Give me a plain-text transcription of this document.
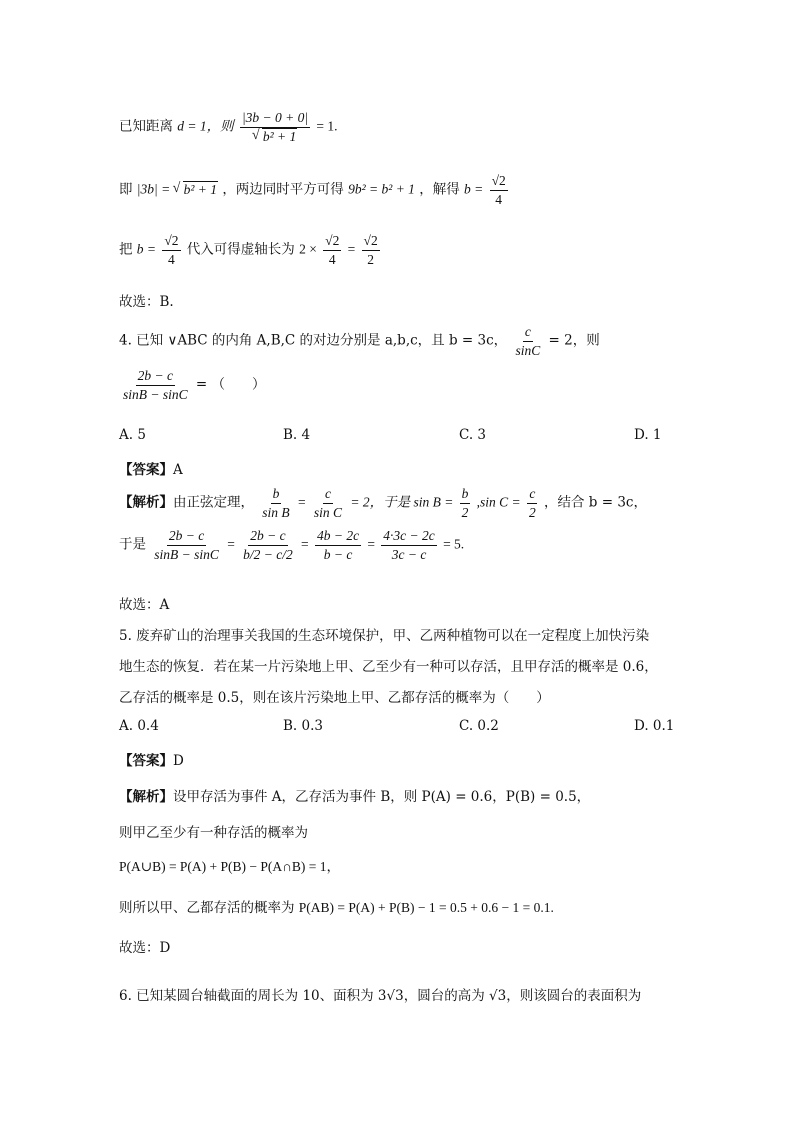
已知距离 d = 1，则 |3b − 0 + 0|
√ b² + 1 = 1.
即 |3b| = √ b² + 1 ，两边同时平方可得 9b² = b² + 1 ，解得 $b = \frac{√2}{4}$
把 $b = \frac{√2}{4}$ 代入可得虚轴长为 $2 \times \frac{√2}{4} = \frac{√2}{2}$
故选：B.
4. 已知 ∨ABC 的内角 A,B,C 的对边分别是 a,b,c，且 b = 3c， $\frac{c}{\sin C} = 2$，则
$\frac{2b - c}{\sin B - \sin C}$ = （　　）
A. 5	B. 4	C. 3	D. 1
【答案】A
【解析】由正弦定理， $\frac{b}{\text{sin B}} = \frac{c}{\text{sin C}} = 2$，于是 $\sin B = \frac{b}{2} ,\sin$ $C = \frac{c}{2}$ ，结合 b = 3c，
于是 $\frac{2b - c}{\sin B - \sin C} = \frac{2b - c}{b/2 - c/2} = \frac{4b - 2c}{b - c} = \frac{4\cdot 3c - 2c}{3c - c} = 5$.
故选：A
5. 废弃矿山的治理事关我国的生态环境保护，甲、乙两种植物可以在一定程度上加快污染
地生态的恢复．若在某一片污染地上甲、乙至少有一种可以存活，且甲存活的概率是 0.6，
乙存活的概率是 0.5，则在该片污染地上甲、乙都存活的概率为（　　）
A. 0.4	B. 0.3	C. 0.2	D. 0.1
【答案】D
【解析】设甲存活为事件 A，乙存活为事件 B，则 P(A) = 0.6，P(B) = 0.5，
则甲乙至少有一种存活的概率为
P(A∪B) = P(A) + P(B) − P(A∩B) = 1，
则所以甲、乙都存活的概率为 P(AB) = P(A) + P(B) − 1 = 0.5 + 0.6 − 1 = 0.1.
故选：D
6. 已知某圆台轴截面的周长为 10、面积为 3√3，圆台的高为 √3，则该圆台的表面积为
